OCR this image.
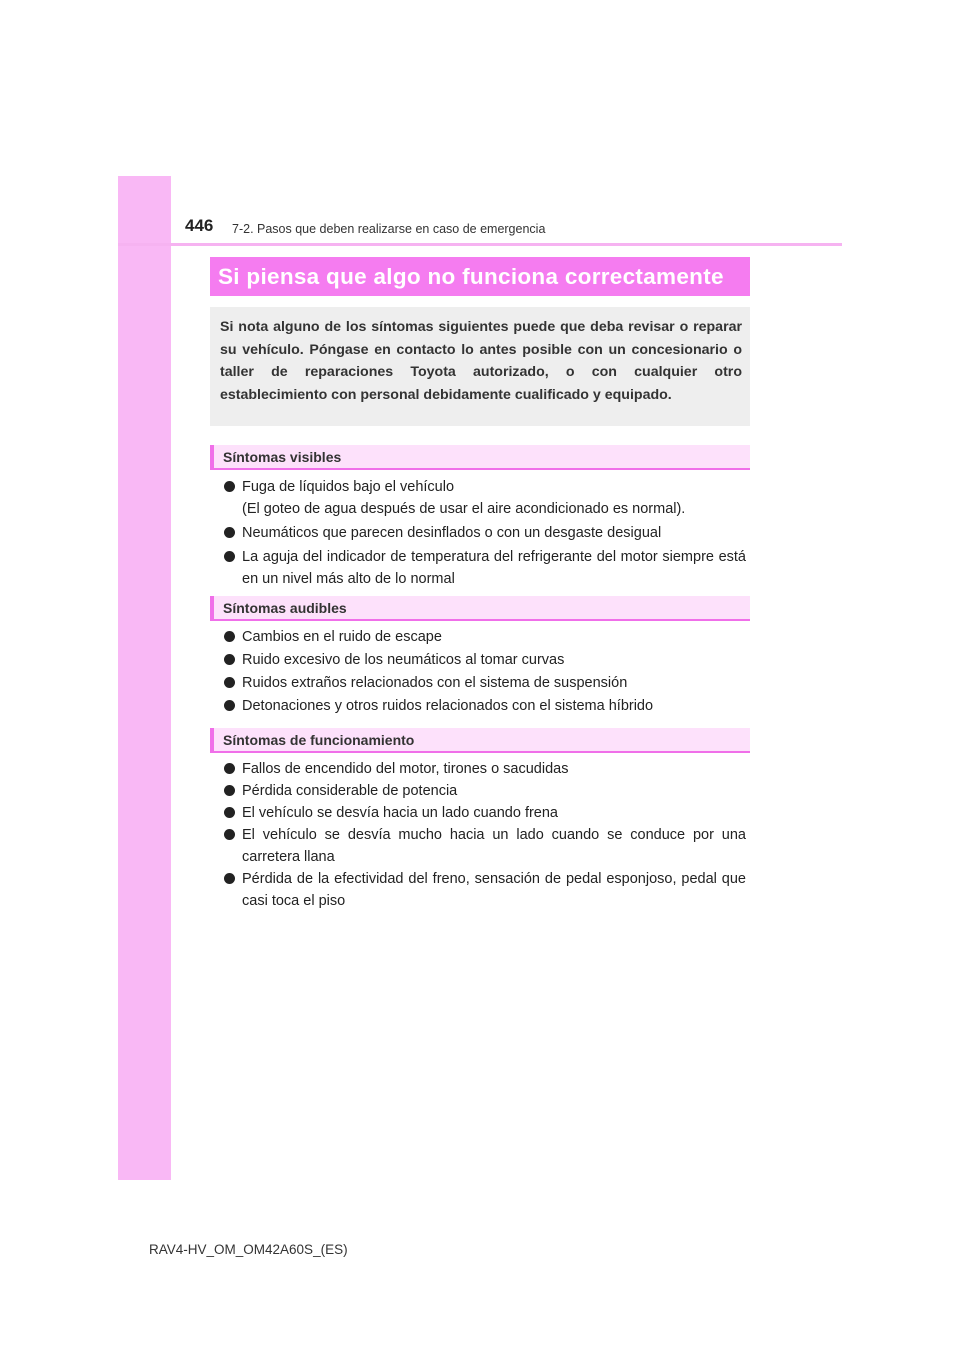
446 7-2. Pasos que deben realizarse en caso de emergencia
Si piensa que algo no funciona correctamente

Si nota alguno de los síntomas siguientes puede que deba revisar o reparar su vehículo. Póngase en contacto lo antes posible con un concesionario o taller de reparaciones Toyota autorizado, o con cualquier otro establecimiento con personal debidamente cualificado y equipado.

Síntomas visibles
Fuga de líquidos bajo el vehículo
(El goteo de agua después de usar el aire acondicionado es normal).
Neumáticos que parecen desinflados o con un desgaste desigual
La aguja del indicador de temperatura del refrigerante del motor siempre está en un nivel más alto de lo normal
Síntomas audibles
Cambios en el ruido de escape
Ruido excesivo de los neumáticos al tomar curvas
Ruidos extraños relacionados con el sistema de suspensión
Detonaciones y otros ruidos relacionados con el sistema híbrido
Síntomas de funcionamiento
Fallos de encendido del motor, tirones o sacudidas
Pérdida considerable de potencia
El vehículo se desvía hacia un lado cuando frena
El vehículo se desvía mucho hacia un lado cuando se conduce por una carretera llana
Pérdida de la efectividad del freno, sensación de pedal esponjoso, pedal que casi toca el piso
RAV4-HV_OM_OM42A60S_(ES)
